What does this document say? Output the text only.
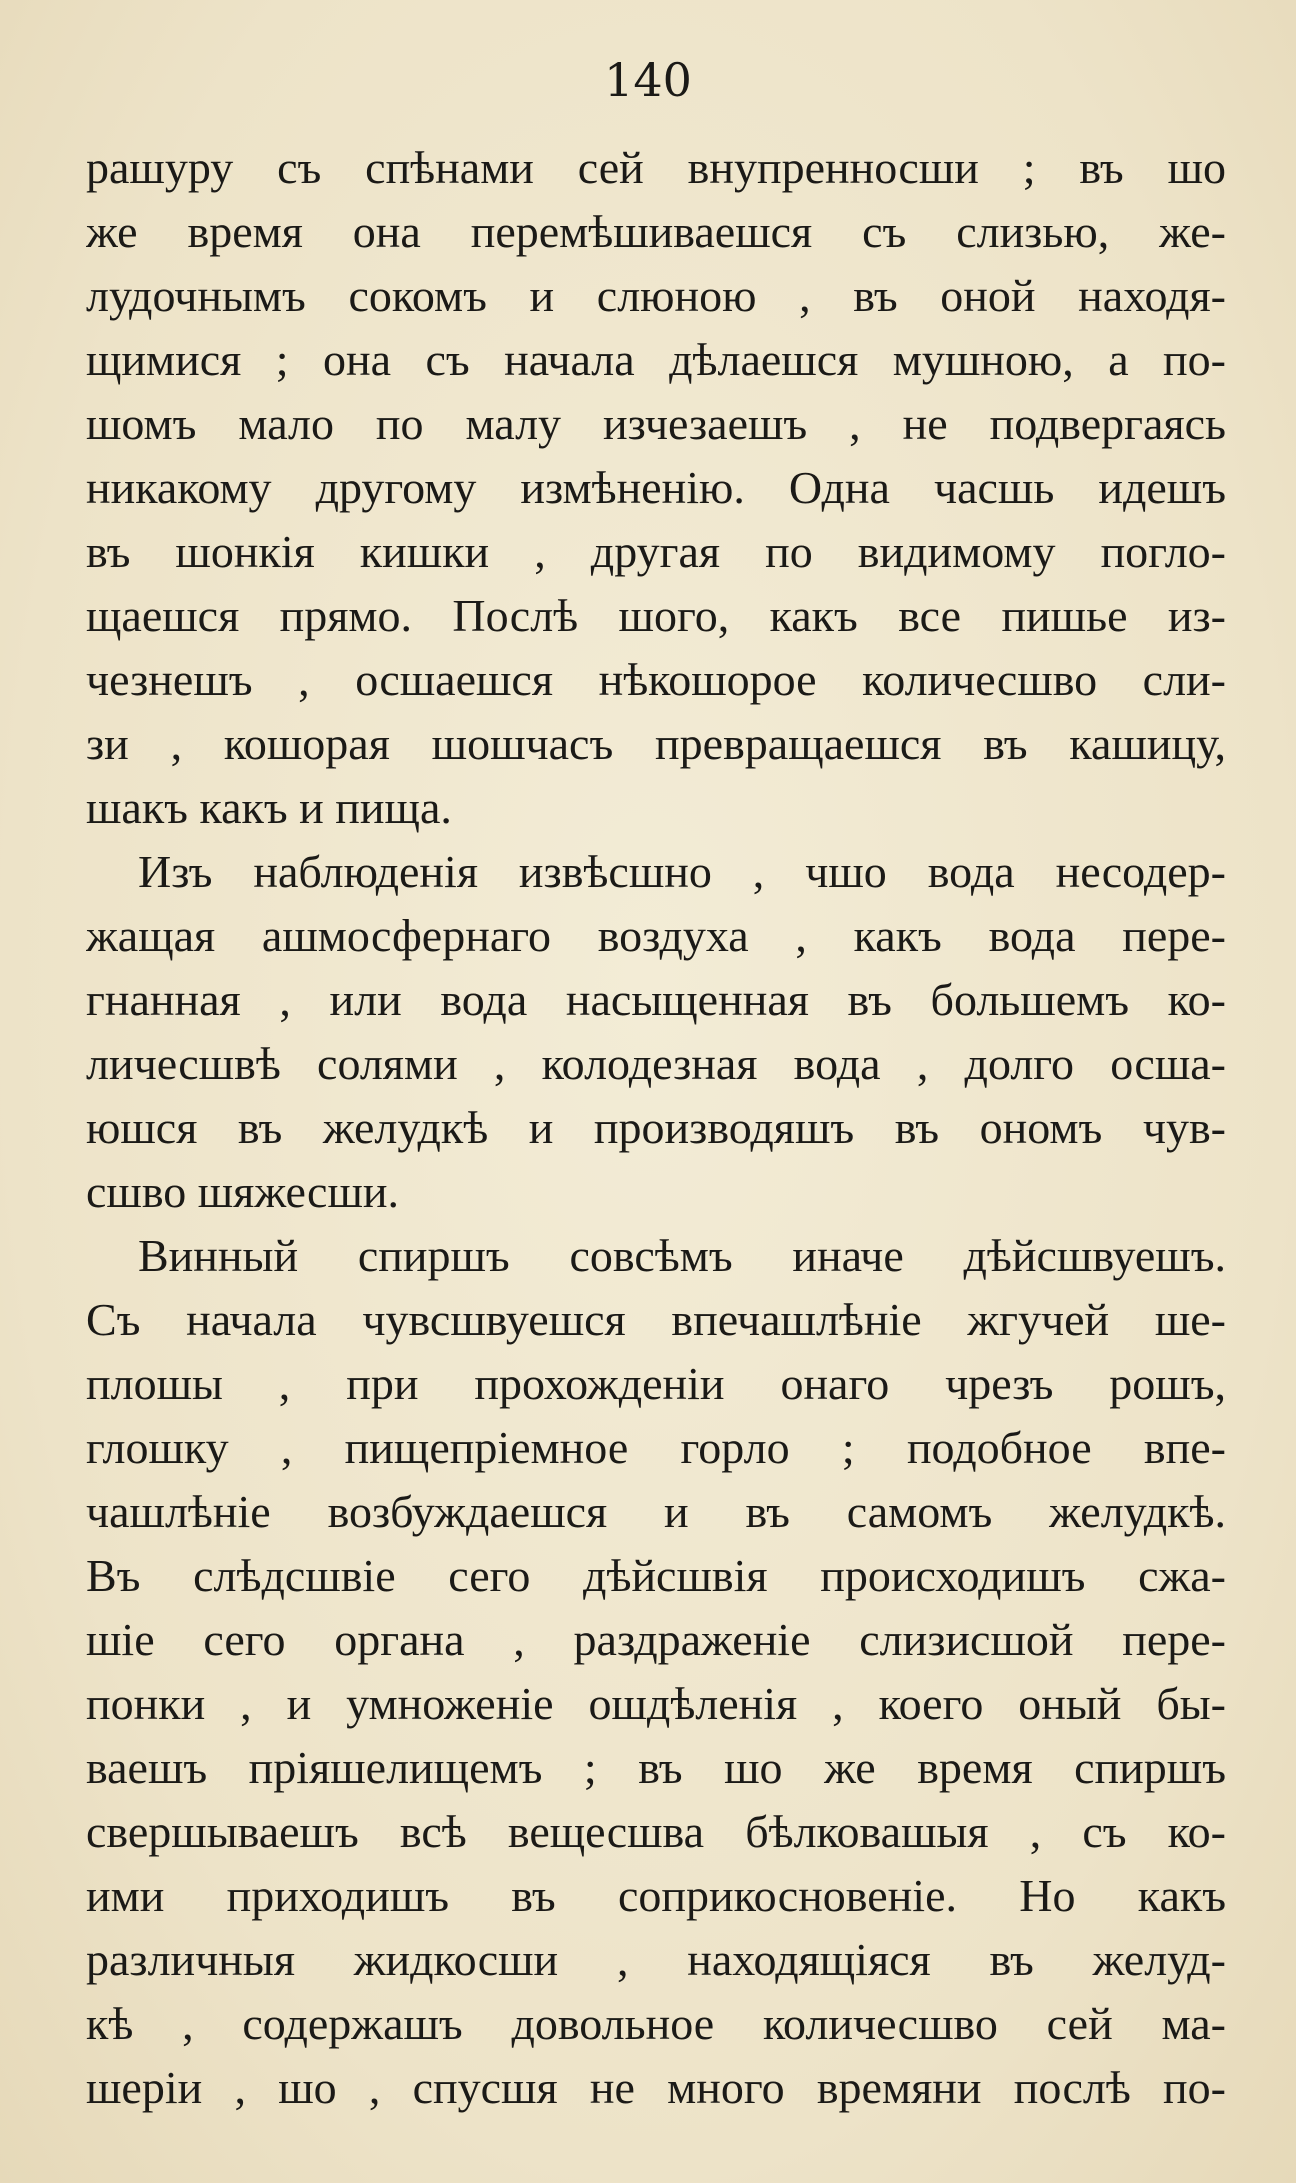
140
рашуру съ спѣнами сей внупренносши ; въ шо
же время она перемѣшиваешся съ слизью, же-
лудочнымъ сокомъ и слюною , въ оной находя-
щимися ; она съ начала дѣлаешся мушною, а по-
шомъ мало по малу изчезаешъ , не подвергаясь
никакому другому измѣненію. Одна часшь идешъ
въ шонкія кишки , другая по видимому погло-
щаешся прямо. Послѣ шого, какъ все пишье из-
чезнешъ , осшаешся нѣкошорое количесшво сли-
зи , кошорая шошчасъ превращаешся въ кашицу,
шакъ какъ и пища.
Изъ наблюденія извѣсшно , чшо вода несодер-
жащая ашмосфернаго воздуха , какъ вода пере-
гнанная , или вода насыщенная въ большемъ ко-
личесшвѣ солями , колодезная вода , долго осша-
юшся въ желудкѣ и производяшъ въ ономъ чув-
сшво шяжесши.
Винный спиршъ совсѣмъ иначе дѣйсшвуешъ.
Съ начала чувсшвуешся впечашлѣніе жгучей ше-
плошы , при прохожденіи онаго чрезъ рошъ,
глошку , пищепріемное горло ; подобное впе-
чашлѣніе возбуждаешся и въ самомъ желудкѣ.
Въ слѣдсшвіе сего дѣйсшвія происходишъ сжа-
шіе сего органа , раздраженіе слизисшой пере-
понки , и умноженіе ошдѣленія , коего оный бы-
ваешъ пріяшелищемъ ; въ шо же время спиршъ
свершываешъ всѣ вещесшва бѣлковашыя , съ ко-
ими приходишъ въ соприкосновеніе. Но какъ
различныя жидкосши , находящіяся въ желуд-
кѣ , содержашъ довольное количесшво сей ма-
шеріи , шо , спусшя не много времяни послѣ по-
